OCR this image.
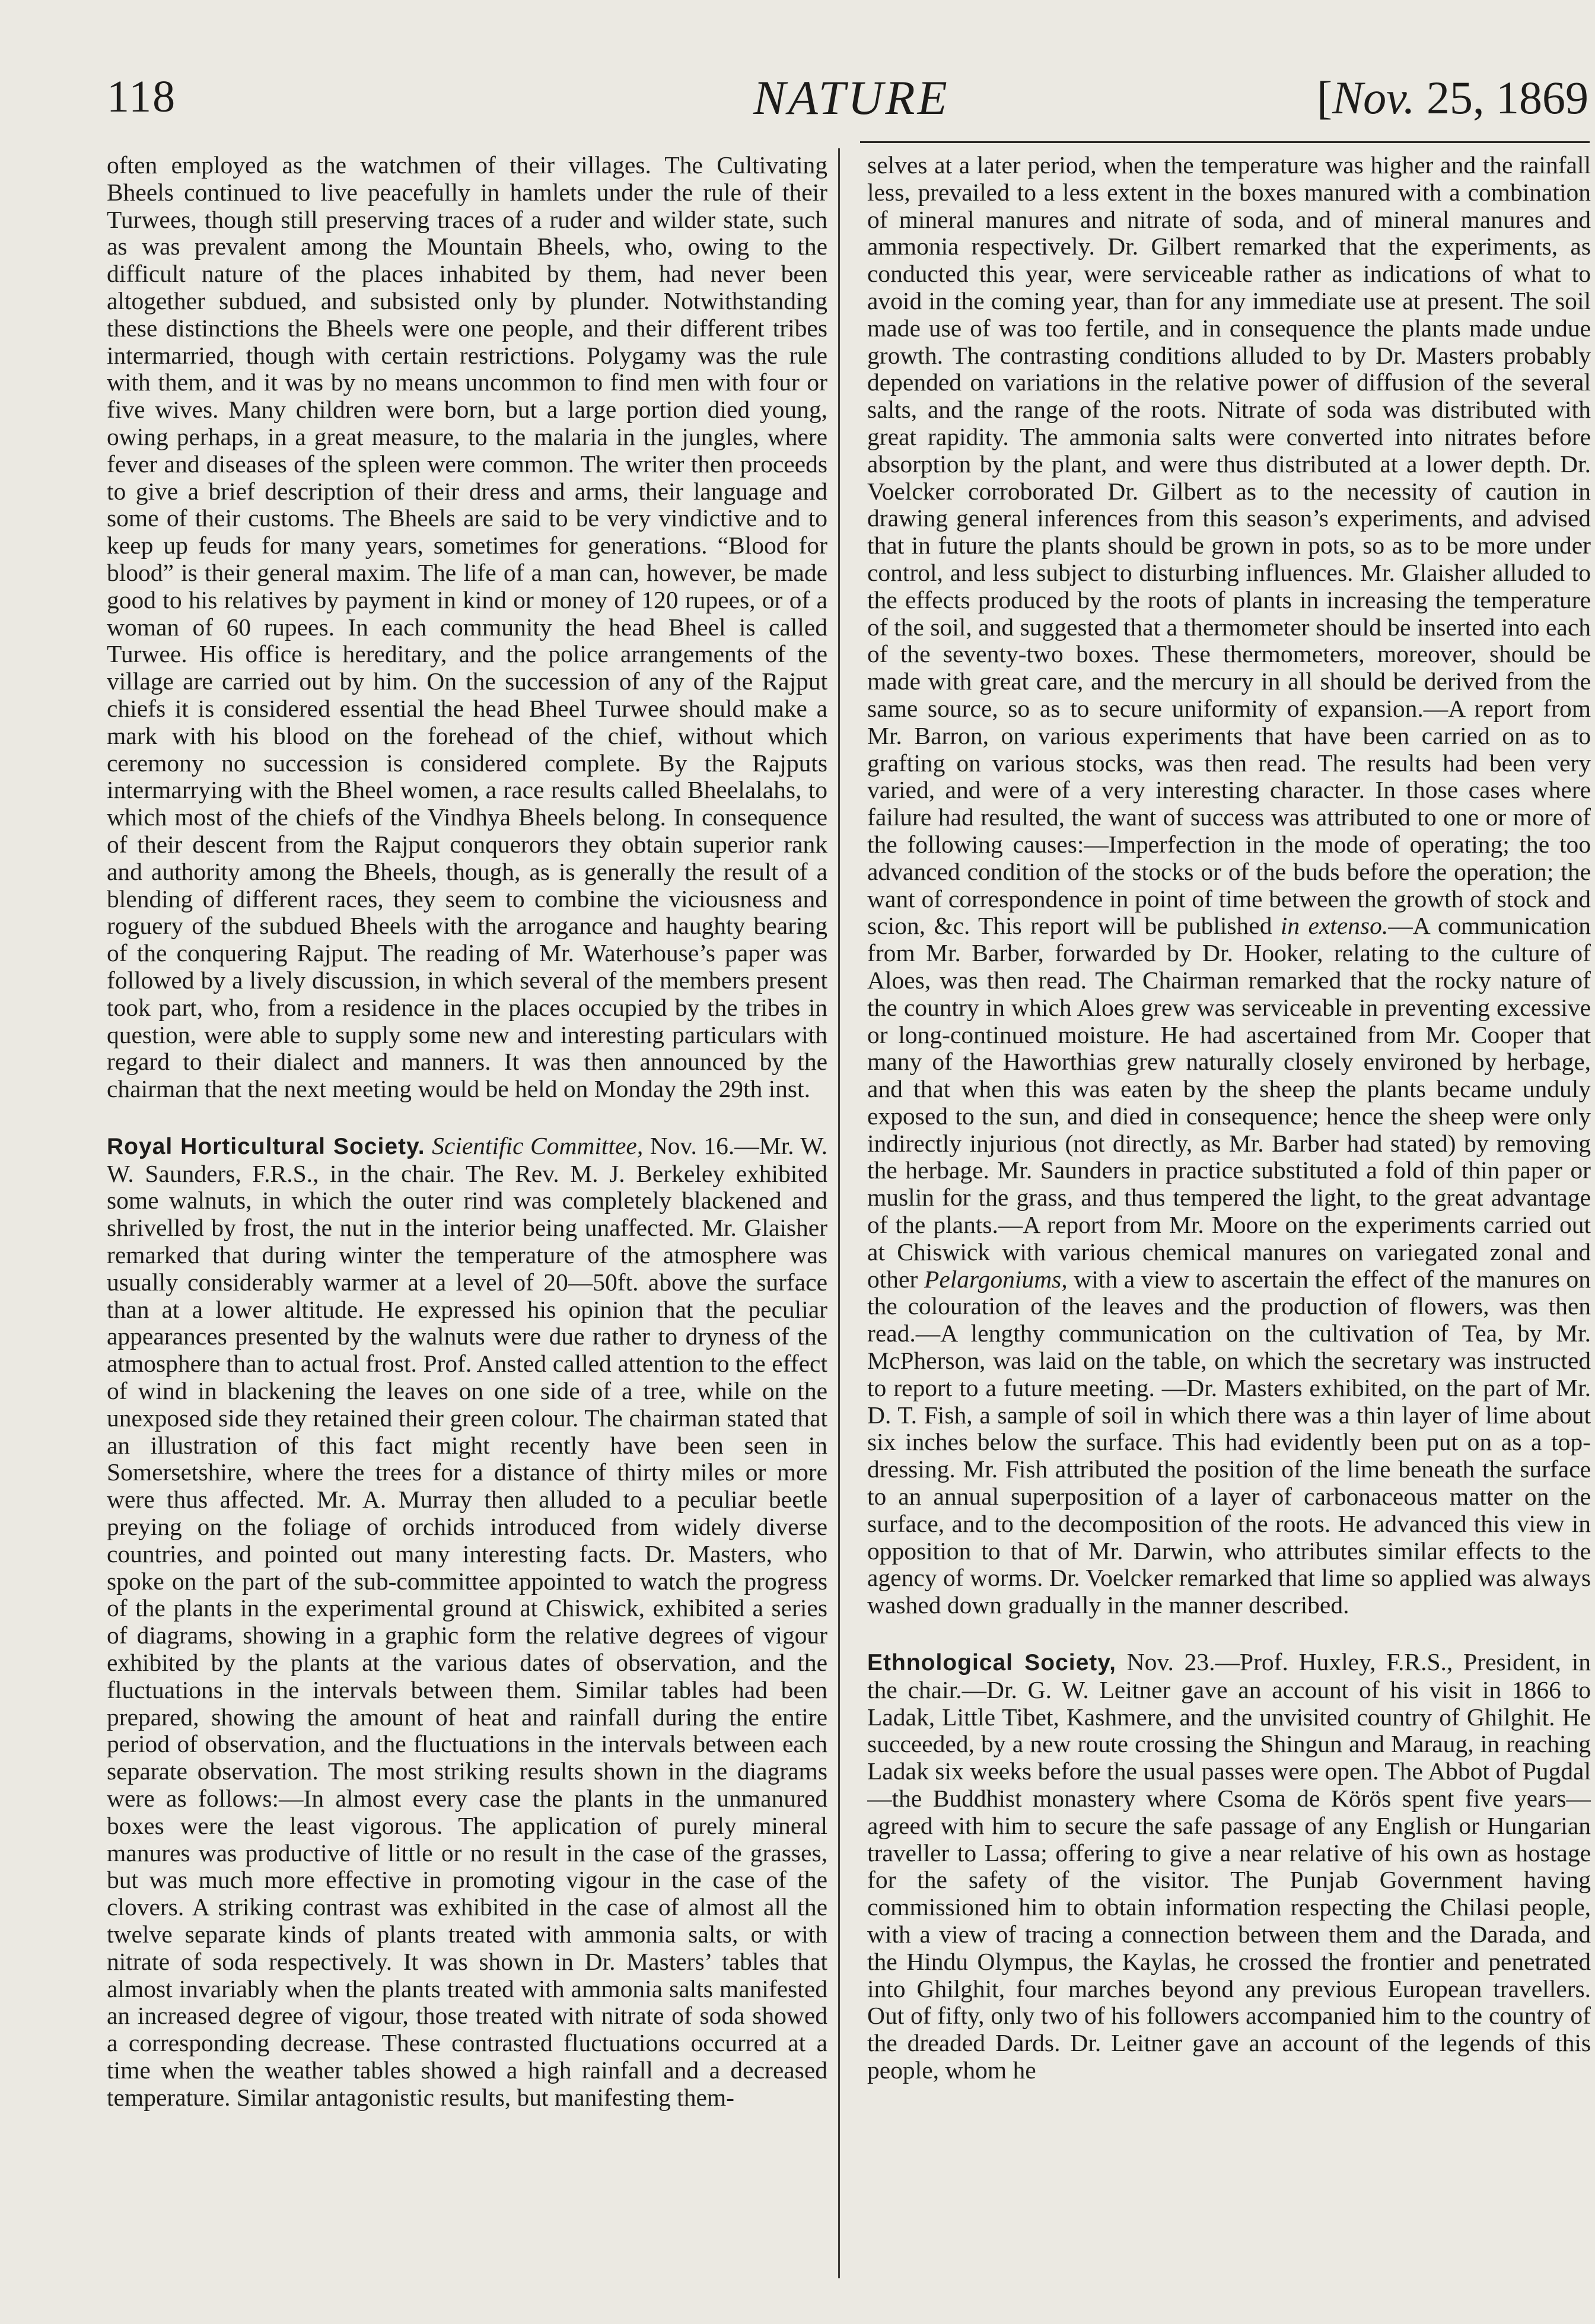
118	NATURE	[Nov. 25, 1869

often employed as the watchmen of their villages. The Cultivating Bheels continued to live peacefully in hamlets under the rule of their Turwees, though still preserving traces of a ruder and wilder state, such as was prevalent among the Mountain Bheels, who, owing to the difficult nature of the places inhabited by them, had never been altogether subdued, and subsisted only by plunder. Notwithstanding these distinctions the Bheels were one people, and their different tribes intermarried, though with certain restrictions. Polygamy was the rule with them, and it was by no means uncommon to find men with four or five wives. Many children were born, but a large portion died young, owing perhaps, in a great measure, to the malaria in the jungles, where fever and diseases of the spleen were common. The writer then proceeds to give a brief description of their dress and arms, their language and some of their customs. The Bheels are said to be very vindictive and to keep up feuds for many years, sometimes for generations. “Blood for blood” is their general maxim. The life of a man can, however, be made good to his relatives by payment in kind or money of 120 rupees, or of a woman of 60 rupees. In each community the head Bheel is called Turwee. His office is hereditary, and the police arrangements of the village are carried out by him. On the succession of any of the Rajput chiefs it is considered essential the head Bheel Turwee should make a mark with his blood on the forehead of the chief, without which ceremony no succession is considered complete. By the Rajputs intermarrying with the Bheel women, a race results called Bheelalahs, to which most of the chiefs of the Vindhya Bheels belong. In consequence of their descent from the Rajput conquerors they obtain superior rank and authority among the Bheels, though, as is generally the result of a blending of different races, they seem to combine the viciousness and roguery of the subdued Bheels with the arrogance and haughty bearing of the conquering Rajput. The reading of Mr. Waterhouse’s paper was followed by a lively discussion, in which several of the members present took part, who, from a residence in the places occupied by the tribes in question, were able to supply some new and interesting particulars with regard to their dialect and manners. It was then announced by the chairman that the next meeting would be held on Monday the 29th inst.

Royal Horticultural Society. Scientific Committee, Nov. 16.—Mr. W. W. Saunders, F.R.S., in the chair. The Rev. M. J. Berkeley exhibited some walnuts, in which the outer rind was completely blackened and shrivelled by frost, the nut in the interior being unaffected. Mr. Glaisher remarked that during winter the temperature of the atmosphere was usually considerably warmer at a level of 20—50ft. above the surface than at a lower altitude. He expressed his opinion that the peculiar appearances presented by the walnuts were due rather to dryness of the atmosphere than to actual frost. Prof. Ansted called attention to the effect of wind in blackening the leaves on one side of a tree, while on the unexposed side they retained their green colour. The chairman stated that an illustration of this fact might recently have been seen in Somersetshire, where the trees for a distance of thirty miles or more were thus affected. Mr. A. Murray then alluded to a peculiar beetle preying on the foliage of orchids introduced from widely diverse countries, and pointed out many interesting facts. Dr. Masters, who spoke on the part of the sub-committee appointed to watch the progress of the plants in the experimental ground at Chiswick, exhibited a series of diagrams, showing in a graphic form the relative degrees of vigour exhibited by the plants at the various dates of observation, and the fluctuations in the intervals between them. Similar tables had been prepared, showing the amount of heat and rainfall during the entire period of observation, and the fluctuations in the intervals between each separate observation. The most striking results shown in the diagrams were as follows:—In almost every case the plants in the unmanured boxes were the least vigorous. The application of purely mineral manures was productive of little or no result in the case of the grasses, but was much more effective in promoting vigour in the case of the clovers. A striking contrast was exhibited in the case of almost all the twelve separate kinds of plants treated with ammonia salts, or with nitrate of soda respectively. It was shown in Dr. Masters’ tables that almost invariably when the plants treated with ammonia salts manifested an increased degree of vigour, those treated with nitrate of soda showed a corresponding decrease. These contrasted fluctuations occurred at a time when the weather tables showed a high rainfall and a decreased temperature. Similar antagonistic results, but manifesting them-

selves at a later period, when the temperature was higher and the rainfall less, prevailed to a less extent in the boxes manured with a combination of mineral manures and nitrate of soda, and of mineral manures and ammonia respectively. Dr. Gilbert remarked that the experiments, as conducted this year, were serviceable rather as indications of what to avoid in the coming year, than for any immediate use at present. The soil made use of was too fertile, and in consequence the plants made undue growth. The contrasting conditions alluded to by Dr. Masters probably depended on variations in the relative power of diffusion of the several salts, and the range of the roots. Nitrate of soda was distributed with great rapidity. The ammonia salts were converted into nitrates before absorption by the plant, and were thus distributed at a lower depth. Dr. Voelcker corroborated Dr. Gilbert as to the necessity of caution in drawing general inferences from this season’s experiments, and advised that in future the plants should be grown in pots, so as to be more under control, and less subject to disturbing influences. Mr. Glaisher alluded to the effects produced by the roots of plants in increasing the temperature of the soil, and suggested that a thermometer should be inserted into each of the seventy-two boxes. These thermometers, moreover, should be made with great care, and the mercury in all should be derived from the same source, so as to secure uniformity of expansion.—A report from Mr. Barron, on various experiments that have been carried on as to grafting on various stocks, was then read. The results had been very varied, and were of a very interesting character. In those cases where failure had resulted, the want of success was attributed to one or more of the following causes:—Imperfection in the mode of operating; the too advanced condition of the stocks or of the buds before the operation; the want of correspondence in point of time between the growth of stock and scion, &c. This report will be published in extenso.—A communication from Mr. Barber, forwarded by Dr. Hooker, relating to the culture of Aloes, was then read. The Chairman remarked that the rocky nature of the country in which Aloes grew was serviceable in preventing excessive or long-continued moisture. He had ascertained from Mr. Cooper that many of the Haworthias grew naturally closely environed by herbage, and that when this was eaten by the sheep the plants became unduly exposed to the sun, and died in consequence; hence the sheep were only indirectly injurious (not directly, as Mr. Barber had stated) by removing the herbage. Mr. Saunders in practice substituted a fold of thin paper or muslin for the grass, and thus tempered the light, to the great advantage of the plants.—A report from Mr. Moore on the experiments carried out at Chiswick with various chemical manures on variegated zonal and other Pelargoniums, with a view to ascertain the effect of the manures on the colouration of the leaves and the production of flowers, was then read.—A lengthy communication on the cultivation of Tea, by Mr. McPherson, was laid on the table, on which the secretary was instructed to report to a future meeting. —Dr. Masters exhibited, on the part of Mr. D. T. Fish, a sample of soil in which there was a thin layer of lime about six inches below the surface. This had evidently been put on as a top-dressing. Mr. Fish attributed the position of the lime beneath the surface to an annual superposition of a layer of carbonaceous matter on the surface, and to the decomposition of the roots. He advanced this view in opposition to that of Mr. Darwin, who attributes similar effects to the agency of worms. Dr. Voelcker remarked that lime so applied was always washed down gradually in the manner described.

Ethnological Society, Nov. 23.—Prof. Huxley, F.R.S., President, in the chair.—Dr. G. W. Leitner gave an account of his visit in 1866 to Ladak, Little Tibet, Kashmere, and the unvisited country of Ghilghit. He succeeded, by a new route crossing the Shingun and Maraug, in reaching Ladak six weeks before the usual passes were open. The Abbot of Pugdal—the Buddhist monastery where Csoma de Körös spent five years—agreed with him to secure the safe passage of any English or Hungarian traveller to Lassa; offering to give a near relative of his own as hostage for the safety of the visitor. The Punjab Government having commissioned him to obtain information respecting the Chilasi people, with a view of tracing a connection between them and the Darada, and the Hindu Olympus, the Kaylas, he crossed the frontier and penetrated into Ghilghit, four marches beyond any previous European travellers. Out of fifty, only two of his followers accompanied him to the country of the dreaded Dards. Dr. Leitner gave an account of the legends of this people, whom he
